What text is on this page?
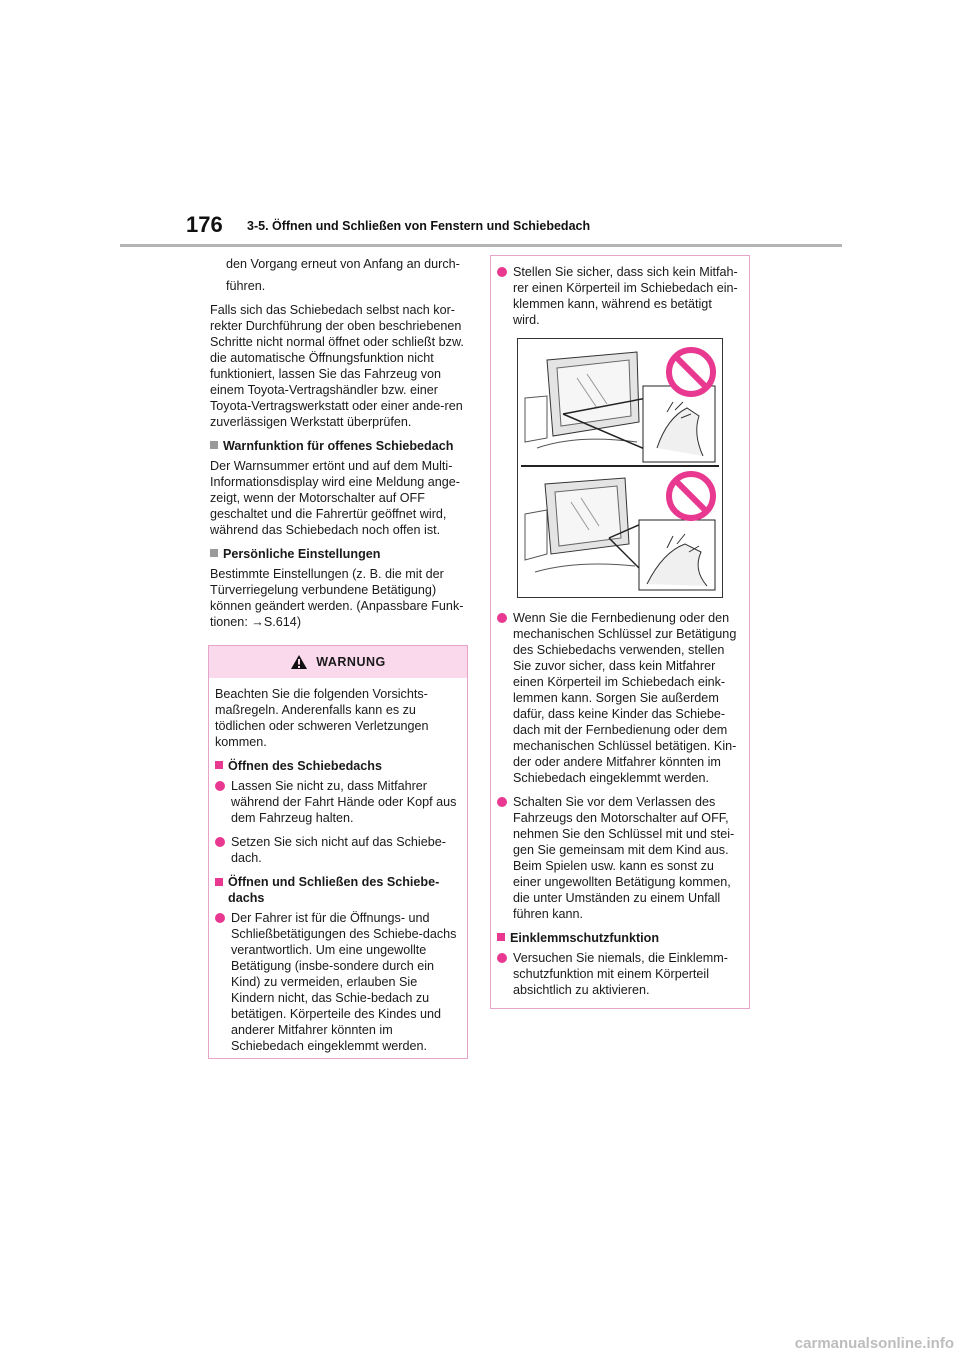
176 3-5. Öffnen und Schließen von Fenstern und Schiebedach

den Vorgang erneut von Anfang an durch-

führen.

Falls sich das Schiebedach selbst nach kor-rekter Durchführung der oben beschriebenen Schritte nicht normal öffnet oder schließt bzw. die automatische Öffnungsfunktion nicht funktioniert, lassen Sie das Fahrzeug von einem Toyota-Vertragshändler bzw. einer Toyota-Vertragswerkstatt oder einer ande-ren zuverlässigen Werkstatt überprüfen.

Warnfunktion für offenes Schiebedach

Der Warnsummer ertönt und auf dem Multi-Informationsdisplay wird eine Meldung ange-zeigt, wenn der Motorschalter auf OFF geschaltet und die Fahrertür geöffnet wird, während das Schiebedach noch offen ist.

Persönliche Einstellungen

Bestimmte Einstellungen (z. B. die mit der Türverriegelung verbundene Betätigung) können geändert werden. (Anpassbare Funk-tionen: →S.614)

WARNUNG

Beachten Sie die folgenden Vorsichts-maßregeln. Anderenfalls kann es zu tödlichen oder schweren Verletzungen kommen.

Öffnen des Schiebedachs
Lassen Sie nicht zu, dass Mitfahrer während der Fahrt Hände oder Kopf aus dem Fahrzeug halten.
Setzen Sie sich nicht auf das Schiebe-dach.
Öffnen und Schließen des Schiebe-dachs
Der Fahrer ist für die Öffnungs- und Schließbetätigungen des Schiebe-dachs verantwortlich. Um eine ungewollte Betätigung (insbe-sondere durch ein Kind) zu vermeiden, erlauben Sie Kindern nicht, das Schie-bedach zu betätigen. Körperteile des Kindes und anderer Mitfahrer könnten im Schiebedach eingeklemmt werden.
Stellen Sie sicher, dass sich kein Mitfah-rer einen Körperteil im Schiebedach ein-klemmen kann, während es betätigt wird.
Wenn Sie die Fernbedienung oder den mechanischen Schlüssel zur Betätigung des Schiebedachs verwenden, stellen Sie zuvor sicher, dass kein Mitfahrer einen Körperteil im Schiebedach eink-lemmen kann. Sorgen Sie außerdem dafür, dass keine Kinder das Schiebe-dach mit der Fernbedienung oder dem mechanischen Schlüssel betätigen. Kin-der oder andere Mitfahrer könnten im Schiebedach eingeklemmt werden.
Schalten Sie vor dem Verlassen des Fahrzeugs den Motorschalter auf OFF, nehmen Sie den Schlüssel mit und stei-gen Sie gemeinsam mit dem Kind aus. Beim Spielen usw. kann es sonst zu einer ungewollten Betätigung kommen, die unter Umständen zu einem Unfall führen kann.
Einklemmschutzfunktion
Versuchen Sie niemals, die Einklemm-schutzfunktion mit einem Körperteil absichtlich zu aktivieren.
carmanualsonline.info
